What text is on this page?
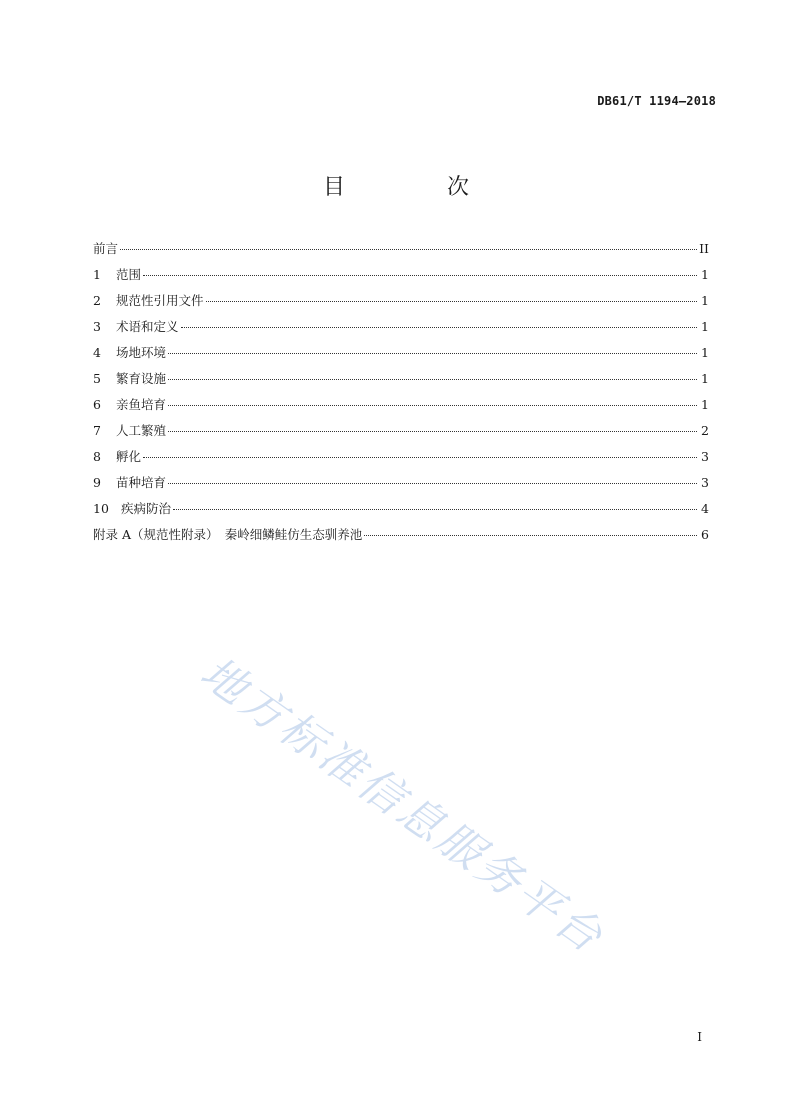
DB61/T 1194—2018
目　次
前言	II
1	范围	1
2	规范性引用文件	1
3	术语和定义	1
4	场地环境	1
5	繁育设施	1
6	亲鱼培育	1
7	人工繁殖	2
8	孵化	3
9	苗种培育	3
10 疾病防治	4
附录 A（规范性附录）　秦岭细鳞鲑仿生态驯养池	6
地方标准信息服务平台
I
